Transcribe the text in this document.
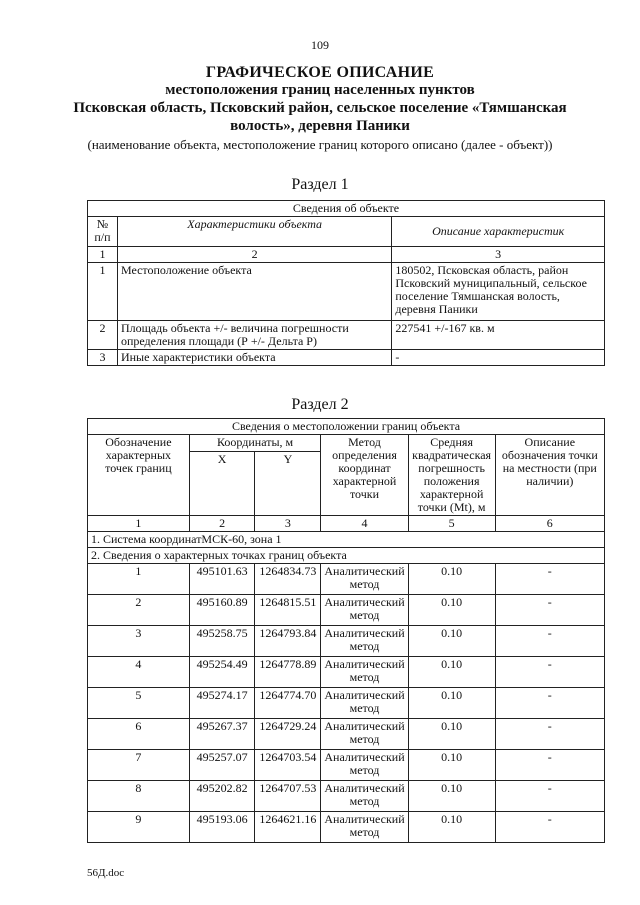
109
ГРАФИЧЕСКОЕ ОПИСАНИЕ
местоположения границ населенных пунктов
Псковская область, Псковский район, сельское поселение «Тямшанская
волость», деревня Паники
(наименование объекта, местоположение границ которого описано (далее - объект))
Раздел 1
Сведения об объекте		
№ п/п	Характеристики объекта	Описание характеристик
1	2	3
1	Местоположение объекта	180502, Псковская область, район Псковский муниципальный, сельское поселение Тямшанская волость, деревня Паники
2	Площадь объекта +/- величина погрешности определения площади (Р +/- Дельта Р)	227541 +/-167 кв. м
3	Иные характеристики объекта	-
Раздел 2
Сведения о местоположении границ объекта					
Обозначение характерных точек границ	Координаты, м		Метод определения координат характерной точки	Средняя квадратическая погрешность положения характерной точки (Mt), м	Описание обозначения точки на местности (при наличии)
	X	Y			
1	2	3	4	5	6
1. Система координатМСК-60, зона 1					
2. Сведения о характерных точках границ объекта					
1	495101.63	1264834.73	Аналитический метод	0.10	-
2	495160.89	1264815.51	Аналитический метод	0.10	-
3	495258.75	1264793.84	Аналитический метод	0.10	-
4	495254.49	1264778.89	Аналитический метод	0.10	-
5	495274.17	1264774.70	Аналитический метод	0.10	-
6	495267.37	1264729.24	Аналитический метод	0.10	-
7	495257.07	1264703.54	Аналитический метод	0.10	-
8	495202.82	1264707.53	Аналитический метод	0.10	-
9	495193.06	1264621.16	Аналитический метод	0.10	-
56Д.doc
